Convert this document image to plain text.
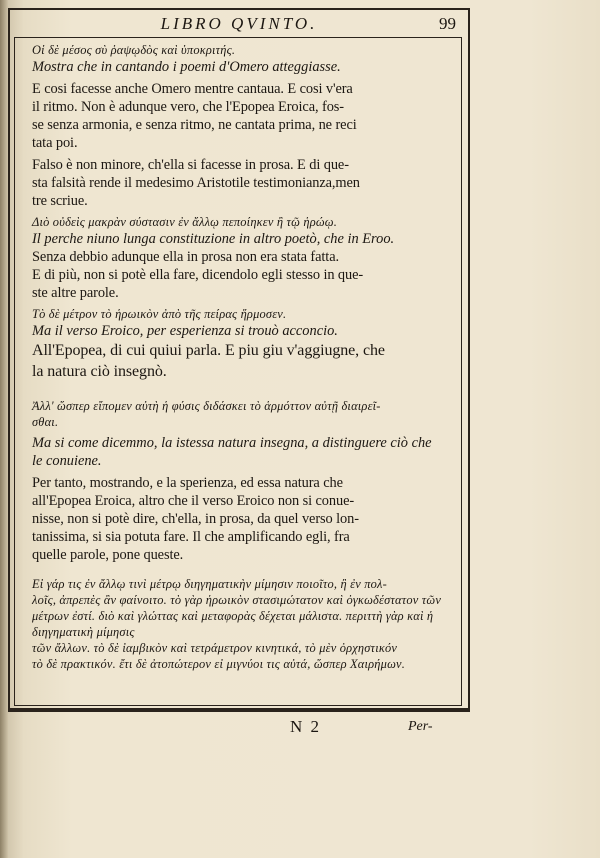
LIBRO QVINTO.	99

Οἱ δὲ μέσος σὺ ῥαψῳδὸς καὶ ὑποκριτής.

Mostra che in cantando i poemi d'Omero atteggiasse.

E cosi facesse anche Omero mentre cantaua. E cosi v'era

il ritmo. Non è adunque vero, che l'Epopea Eroica, fos-

se senza armonia, e senza ritmo, ne cantata prima, ne reci

tata poi.

Falso è non minore, ch'ella si facesse in prosa. E di que-

sta falsità rende il medesimo Aristotile testimonianza,men

tre scriue.

Διὸ οὐδεὶς μακρὰν σύστασιν ἐν ἄλλῳ πεποίηκεν ἢ τῷ ἡρώῳ.

Il perche niuno lunga constituzione in altro poetò, che in Eroo.

Senza debbio adunque ella in prosa non era stata fatta.

E di più, non si potè ella fare, dicendolo egli stesso in que-

ste altre parole.

Τὸ δὲ μέτρον τὸ ἡρωικὸν ἀπὸ τῆς πείρας ἥρμοσεν.

Ma il verso Eroico, per esperienza si trouò acconcio.

All'Epopea, di cui quiui parla. E piu giu v'aggiugne, che

la natura ciò insegnò.

Ἀλλ' ὥσπερ εἴπομεν αὐτὴ ἡ φύσις διδάσκει τὸ ἁρμόττον αὐτῇ διαιρεῖ-

σθαι.

Ma si come dicemmo, la istessa natura insegna, a distinguere ciò che

le conuiene.

Per tanto, mostrando, e la sperienza, ed essa natura che

all'Epopea Eroica, altro che il verso Eroico non si conue-

nisse, non si potè dire, ch'ella, in prosa, da quel verso lon-

tanissima, si sia potuta fare. Il che amplificando egli, fra

quelle parole, pone queste.

Εἰ γάρ τις ἐν ἄλλῳ τινὶ μέτρῳ διηγηματικὴν μίμησιν ποιοῖτο, ἢ ἐν πολ-

λοῖς, ἀπρεπὲς ἂν φαίνοιτο. τὸ γὰρ ἡρωικὸν στασιμώτατον καὶ ὀγκωδέστατον τῶν

μέτρων ἐστί. διὸ καὶ γλώττας καὶ μεταφορὰς δέχεται μάλιστα. περιττὴ γὰρ καὶ ἡ διηγηματικὴ μίμησις

τῶν ἄλλων. τὸ δὲ ἰαμβικὸν καὶ τετράμετρον κινητικά, τὸ μὲν ὀρχηστικόν

τὸ δὲ πρακτικόν. ἔτι δὲ ἀτοπώτερον εἰ μιγνύοι τις αὐτά, ὥσπερ Χαιρήμων.

N 2	Per-
